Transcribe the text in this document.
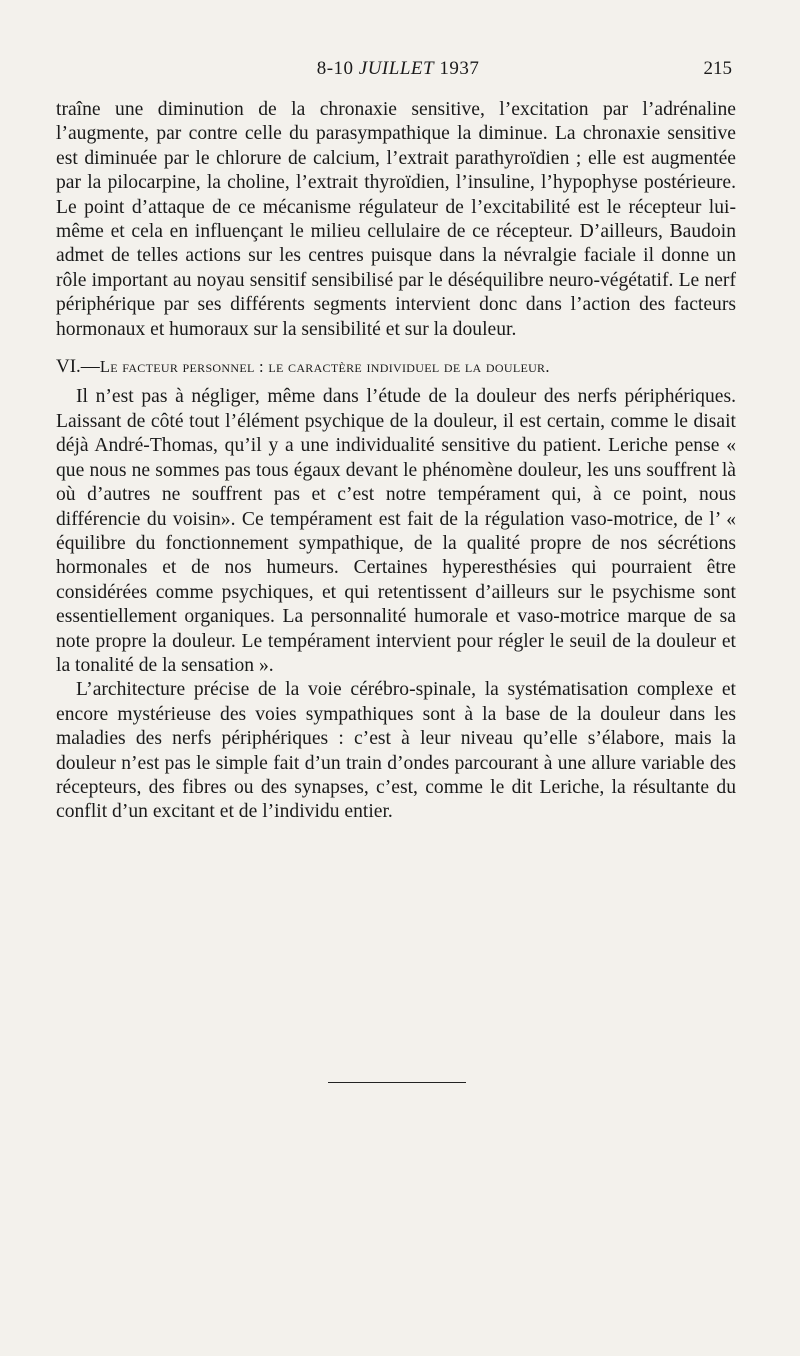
8-10 JUILLET 1937	215

traîne une diminution de la chronaxie sensitive, l’excitation par l’adrénaline l’augmente, par contre celle du parasympathique la diminue. La chronaxie sensitive est diminuée par le chlorure de calcium, l’extrait parathyroïdien ; elle est augmentée par la pilocarpine, la choline, l’extrait thyroïdien, l’insuline, l’hypophyse postérieure. Le point d’attaque de ce mécanisme régulateur de l’excitabilité est le récepteur lui-même et cela en influençant le milieu cellulaire de ce récepteur. D’ailleurs, Baudoin admet de telles actions sur les centres puisque dans la névralgie faciale il donne un rôle important au noyau sensitif sensibilisé par le déséquilibre neuro-végétatif. Le nerf périphérique par ses différents segments intervient donc dans l’action des facteurs hormonaux et humoraux sur la sensibilité et sur la douleur.

VI.—Le facteur personnel : le caractère individuel de la douleur.

Il n’est pas à négliger, même dans l’étude de la douleur des nerfs périphériques. Laissant de côté tout l’élément psychique de la douleur, il est certain, comme le disait déjà André-Thomas, qu’il y a une individualité sensitive du patient. Leriche pense « que nous ne sommes pas tous égaux devant le phénomène douleur, les uns souffrent là où d’autres ne souffrent pas et c’est notre tempérament qui, à ce point, nous différencie du voisin». Ce tempérament est fait de la régulation vaso-motrice, de l’ « équilibre du fonctionnement sympathique, de la qualité propre de nos sécrétions hormonales et de nos humeurs. Certaines hyperesthésies qui pourraient être considérées comme psychiques, et qui retentissent d’ailleurs sur le psychisme sont essentiellement organiques. La personnalité humorale et vaso-motrice marque de sa note propre la douleur. Le tempérament intervient pour régler le seuil de la douleur et la tonalité de la sensation ».

L’architecture précise de la voie cérébro-spinale, la systématisation complexe et encore mystérieuse des voies sympathiques sont à la base de la douleur dans les maladies des nerfs périphériques : c’est à leur niveau qu’elle s’élabore, mais la douleur n’est pas le simple fait d’un train d’ondes parcourant à une allure variable des récepteurs, des fibres ou des synapses, c’est, comme le dit Leriche, la résultante du conflit d’un excitant et de l’individu entier.
